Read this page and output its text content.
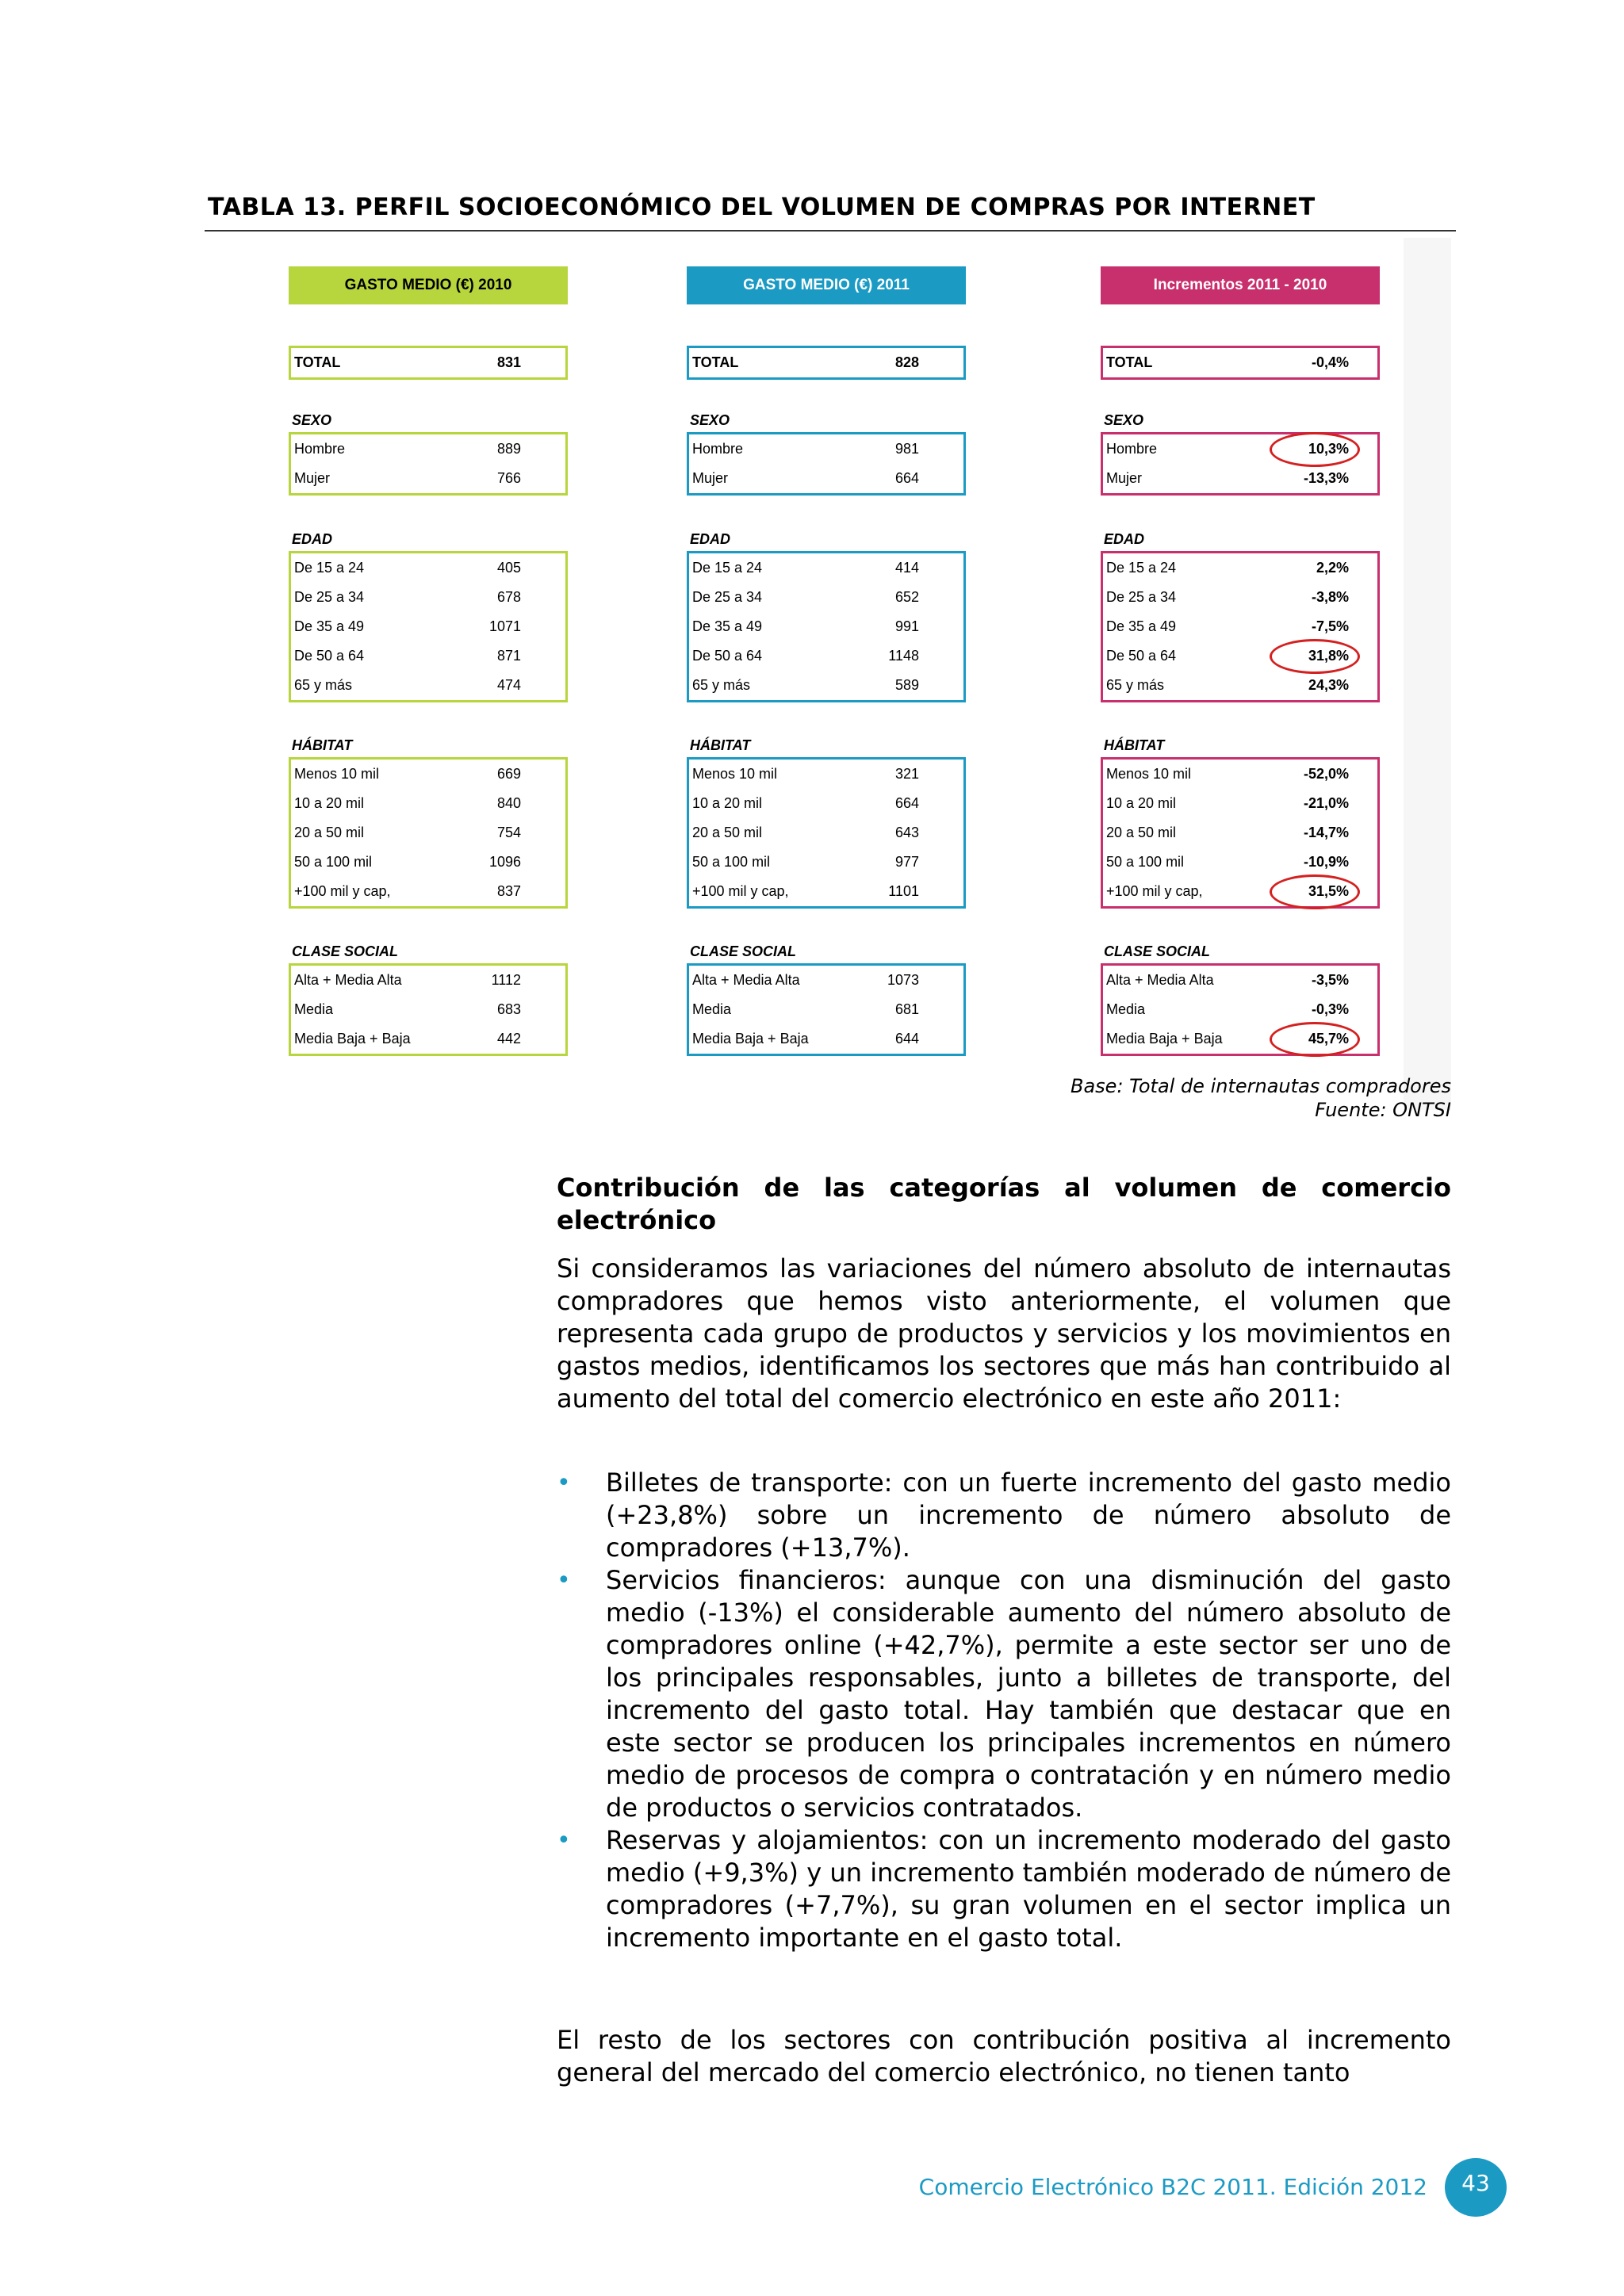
TABLA 13. PERFIL SOCIOECONÓMICO DEL VOLUMEN DE COMPRAS POR INTERNET
GASTO MEDIO (€) 2010
TOTAL	831
SEXO
Hombre	889
Mujer	766
EDAD
De 15 a 24	405
De 25 a 34	678
De 35 a 49	1071
De 50 a 64	871
65 y más	474
HÁBITAT
Menos 10 mil	669
10 a 20 mil	840
20 a 50 mil	754
50 a 100 mil	1096
+100 mil y cap,	837
CLASE SOCIAL
Alta + Media Alta	1112
Media	683
Media Baja + Baja	442
GASTO MEDIO (€) 2011
TOTAL	828
SEXO
Hombre	981
Mujer	664
EDAD
De 15 a 24	414
De 25 a 34	652
De 35 a 49	991
De 50 a 64	1148
65 y más	589
HÁBITAT
Menos 10 mil	321
10 a 20 mil	664
20 a 50 mil	643
50 a 100 mil	977
+100 mil y cap,	1101
CLASE SOCIAL
Alta + Media Alta	1073
Media	681
Media Baja + Baja	644
Incrementos 2011 - 2010
TOTAL	-0,4%
SEXO
Hombre	10,3%
Mujer	-13,3%
EDAD
De 15 a 24	2,2%
De 25 a 34	-3,8%
De 35 a 49	-7,5%
De 50 a 64	31,8%
65 y más	24,3%
HÁBITAT
Menos 10 mil	-52,0%
10 a 20 mil	-21,0%
20 a 50 mil	-14,7%
50 a 100 mil	-10,9%
+100 mil y cap,	31,5%
CLASE SOCIAL
Alta + Media Alta	-3,5%
Media	-0,3%
Media Baja + Baja	45,7%
Base: Total de internautas compradores
Fuente: ONTSI
Contribución de las categorías al volumen de comercio electrónico
Si consideramos las variaciones del número absoluto de internautas compradores que hemos visto anteriormente, el volumen que representa cada grupo de productos y servicios y los movimientos en gastos medios, identificamos los sectores que más han contribuido al aumento del total del comercio electrónico en este año 2011:
• Billetes de transporte: con un fuerte incremento del gasto medio (+23,8%) sobre un incremento de número absoluto de compradores (+13,7%).
• Servicios financieros: aunque con una disminución del gasto medio (-13%) el considerable aumento del número absoluto de compradores online (+42,7%), permite a este sector ser uno de los principales responsables, junto a billetes de transporte, del incremento del gasto total. Hay también que destacar que en este sector se producen los principales incrementos en número medio de procesos de compra o contratación y en número medio de productos o servicios contratados.
• Reservas y alojamientos: con un incremento moderado del gasto medio (+9,3%) y un incremento también moderado de número de compradores (+7,7%), su gran volumen en el sector implica un incremento importante en el gasto total.
El resto de los sectores con contribución positiva al incremento general del mercado del comercio electrónico, no tienen tanto
Comercio Electrónico B2C 2011. Edición 2012	43
